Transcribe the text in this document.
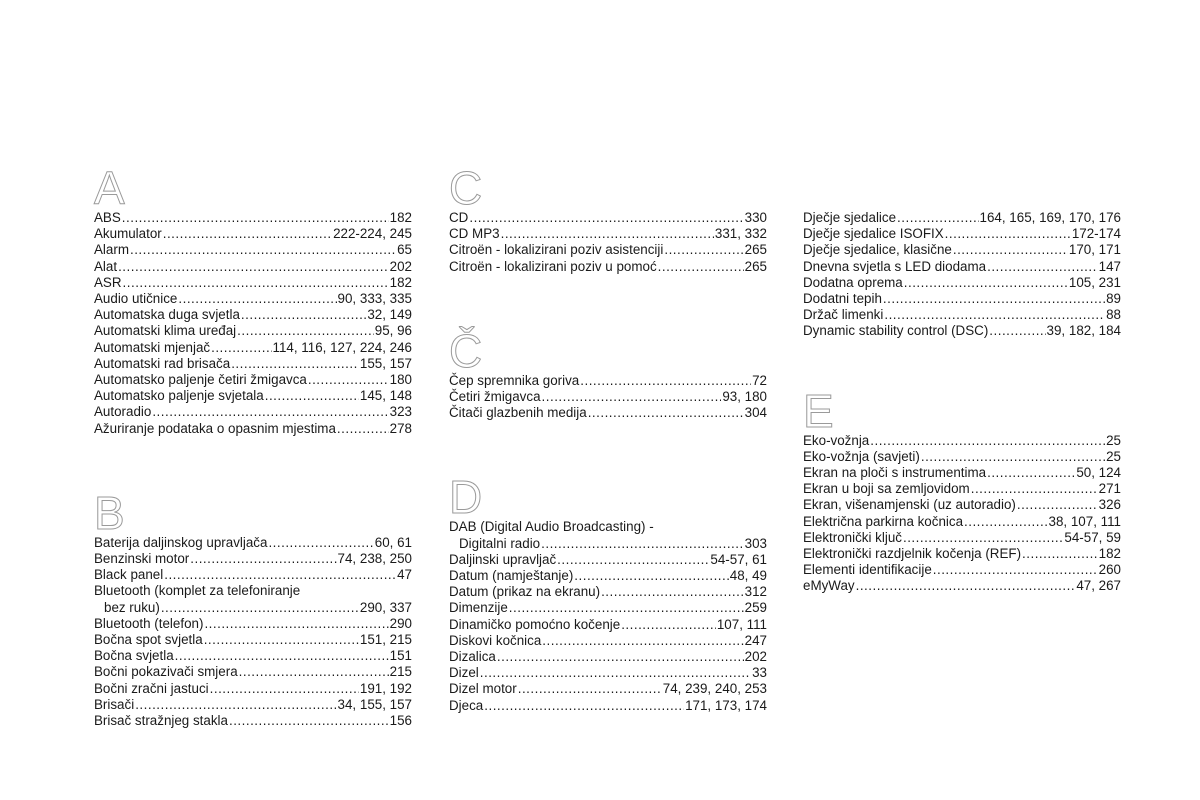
A
ABS .....	182
Akumulator .....	222-224, 245
Alarm .....	65
Alat .....	202
ASR .....	182
Audio utičnice .....	90, 333, 335
Automatska duga svjetla .....	32, 149
Automatski klima uređaj .....	95, 96
Automatski mjenjač .....	114, 116, 127, 224, 246
Automatski rad brisača .....	155, 157
Automatsko paljenje četiri žmigavca .....	180
Automatsko paljenje svjetala .....	145, 148
Autoradio .....	323
Ažuriranje podataka o opasnim mjestima .....	278
B
Baterija daljinskog upravljača .....	60, 61
Benzinski motor .....	74, 238, 250
Black panel .....	47
Bluetooth (komplet za telefoniranje
bez ruku) .....	290, 337
Bluetooth (telefon) .....	290
Bočna spot svjetla .....	151, 215
Bočna svjetla .....	151
Bočni pokazivači smjera .....	215
Bočni zračni jastuci .....	191, 192
Brisači .....	34, 155, 157
Brisač stražnjeg stakla .....	156
C
CD .....	330
CD MP3 .....	331, 332
Citroën - lokalizirani poziv asistenciji .....	265
Citroën - lokalizirani poziv u pomoć .....	265
Č
Čep spremnika goriva .....	72
Četiri žmigavca .....	93, 180
Čitači glazbenih medija .....	304
D
DAB (Digital Audio Broadcasting) -
Digitalni radio .....	303
Daljinski upravljač .....	54-57, 61
Datum (namještanje) .....	48, 49
Datum (prikaz na ekranu) .....	312
Dimenzije .....	259
Dinamičko pomoćno kočenje .....	107, 111
Diskovi kočnica .....	247
Dizalica .....	202
Dizel .....	33
Dizel motor .....	74, 239, 240, 253
Djeca .....	171, 173, 174
Dječje sjedalice .....	164, 165, 169, 170, 176
Dječje sjedalice ISOFIX .....	172-174
Dječje sjedalice, klasične .....	170, 171
Dnevna svjetla s LED diodama .....	147
Dodatna oprema .....	105, 231
Dodatni tepih .....	89
Držač limenki .....	88
Dynamic stability control (DSC) .....	39, 182, 184
E
Eko-vožnja .....	25
Eko-vožnja (savjeti) .....	25
Ekran na ploči s instrumentima .....	50, 124
Ekran u boji sa zemljovidom .....	271
Ekran, višenamjenski (uz autoradio) .....	326
Električna parkirna kočnica .....	38, 107, 111
Elektronički ključ .....	54-57, 59
Elektronički razdjelnik kočenja (REF) .....	182
Elementi identifikacije .....	260
eMyWay .....	47, 267
